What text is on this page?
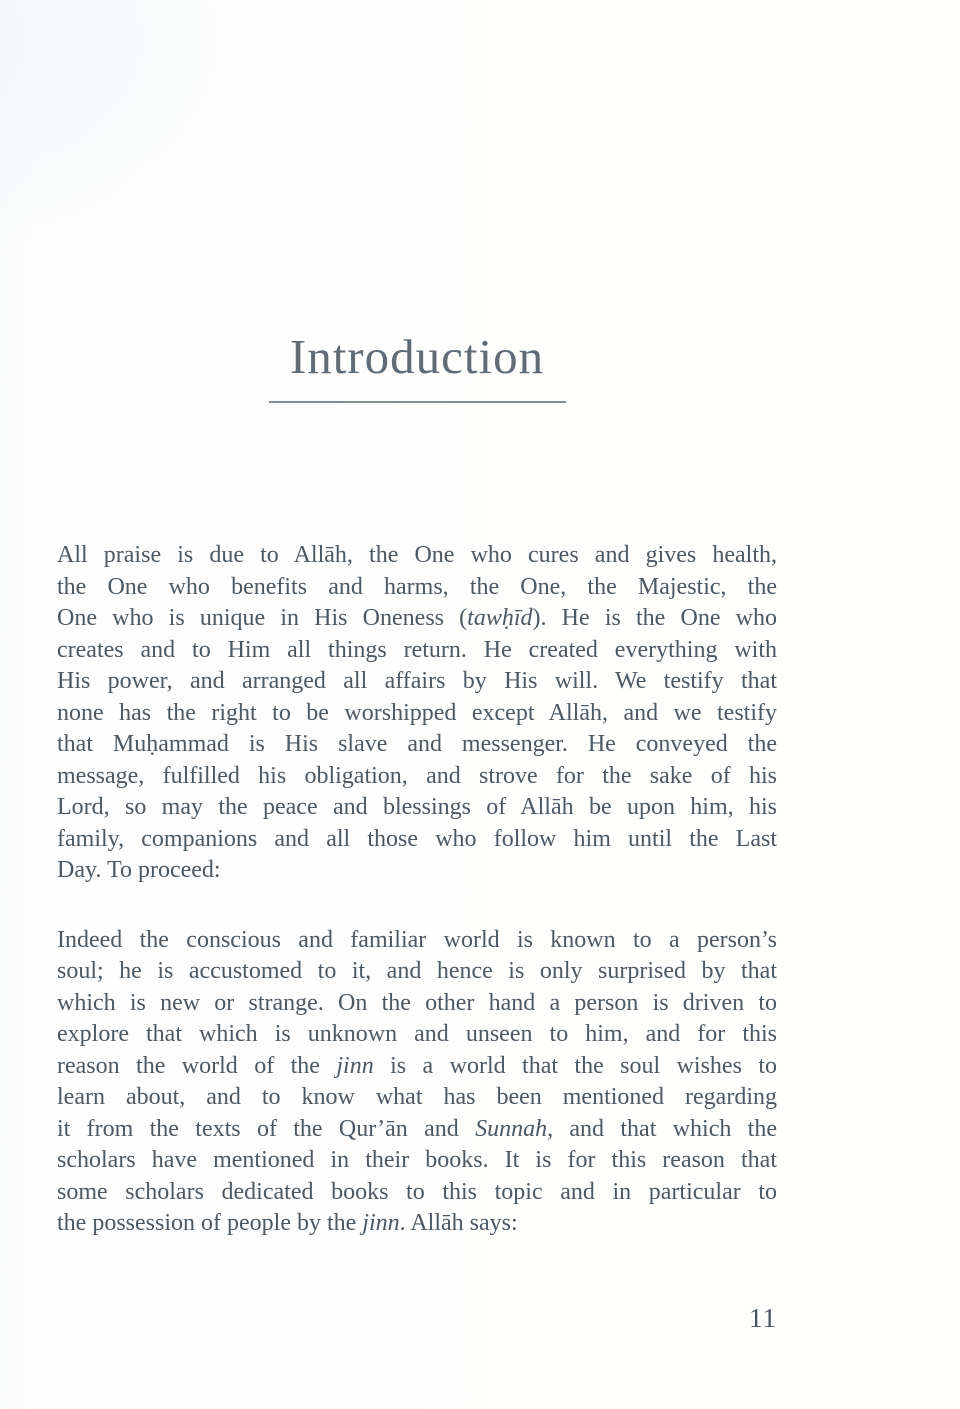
Introduction
All praise is due to Allāh, the One who cures and gives health,
the One who benefits and harms, the One, the Majestic, the
One who is unique in His Oneness (tawḥīd). He is the One who
creates and to Him all things return. He created everything with
His power, and arranged all affairs by His will. We testify that
none has the right to be worshipped except Allāh, and we testify
that Muḥammad is His slave and messenger. He conveyed the
message, fulfilled his obligation, and strove for the sake of his
Lord, so may the peace and blessings of Allāh be upon him, his
family, companions and all those who follow him until the Last
Day. To proceed:
Indeed the conscious and familiar world is known to a person’s
soul; he is accustomed to it, and hence is only surprised by that
which is new or strange. On the other hand a person is driven to
explore that which is unknown and unseen to him, and for this
reason the world of the jinn is a world that the soul wishes to
learn about, and to know what has been mentioned regarding
it from the texts of the Qur’ān and Sunnah, and that which the
scholars have mentioned in their books. It is for this reason that
some scholars dedicated books to this topic and in particular to
the possession of people by the jinn. Allāh says:
11
